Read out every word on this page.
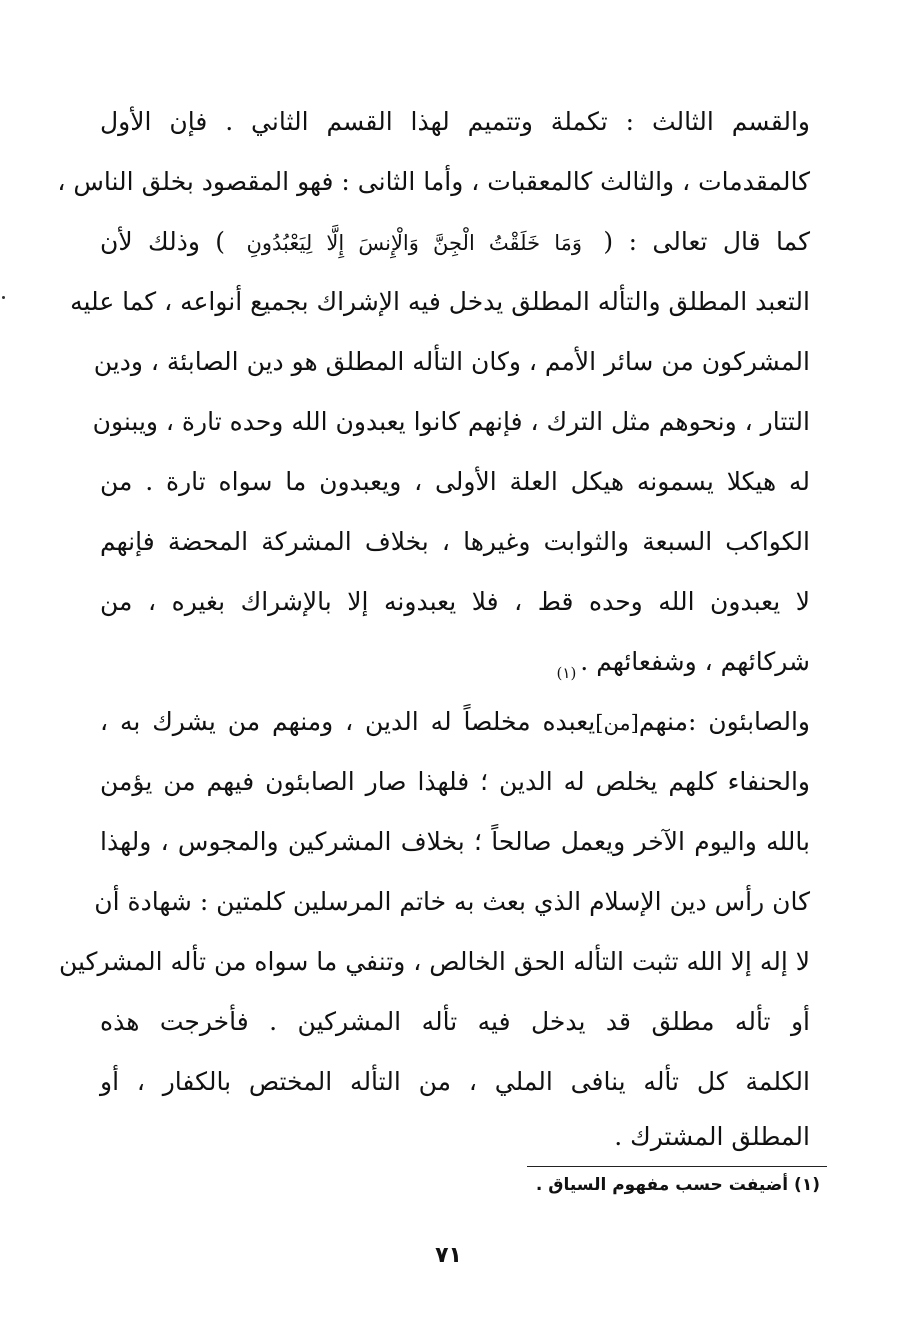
والقسم الثالث : تكملة وتتميم لهذا القسم الثاني . فإن الأول
كالمقدمات ، والثالث كالمعقبات ، وأما الثانى : فهو المقصود بخلق الناس ،
كما قال تعالى : ( وَمَا خَلَقْتُ الْجِنَّ وَالْإِنسَ إِلَّا لِيَعْبُدُونِ ) وذلك لأن
التعبد المطلق والتأله المطلق يدخل فيه الإشراك بجميع أنواعه ، كما عليه
المشركون من سائر الأمم ، وكان التأله المطلق هو دين الصابئة ، ودين
التتار ، ونحوهم مثل الترك ، فإنهم كانوا يعبدون الله وحده تارة ، ويبنون
له هيكلا يسمونه هيكل العلة الأولى ، ويعبدون ما سواه تارة . من
الكواكب السبعة والثوابت وغيرها ، بخلاف المشركة المحضة فإنهم
لا يعبدون الله وحده قط ، فلا يعبدونه إلا بالإشراك بغيره ، من
شركائهم ، وشفعائهم $._{(١)}$
والصابئون :منهم[من]يعبده مخلصاً له الدين ، ومنهم من يشرك به ،
والحنفاء كلهم يخلص له الدين ؛ فلهذا صار الصابئون فيهم من يؤمن
بالله واليوم الآخر ويعمل صالحاً ؛ بخلاف المشركين والمجوس ، ولهذا
كان رأس دين الإسلام الذي بعث به خاتم المرسلين كلمتين : شهادة أن
لا إله إلا الله تثبت التأله الحق الخالص ، وتنفي ما سواه من تأله المشركين
أو تأله مطلق قد يدخل فيه تأله المشركين . فأخرجت هذه
الكلمة كل تأله ينافى الملي ، من التأله المختص بالكفار ، أو
المطلق المشترك .
(١) أضيفت حسب مفهوم السياق .
٧١
